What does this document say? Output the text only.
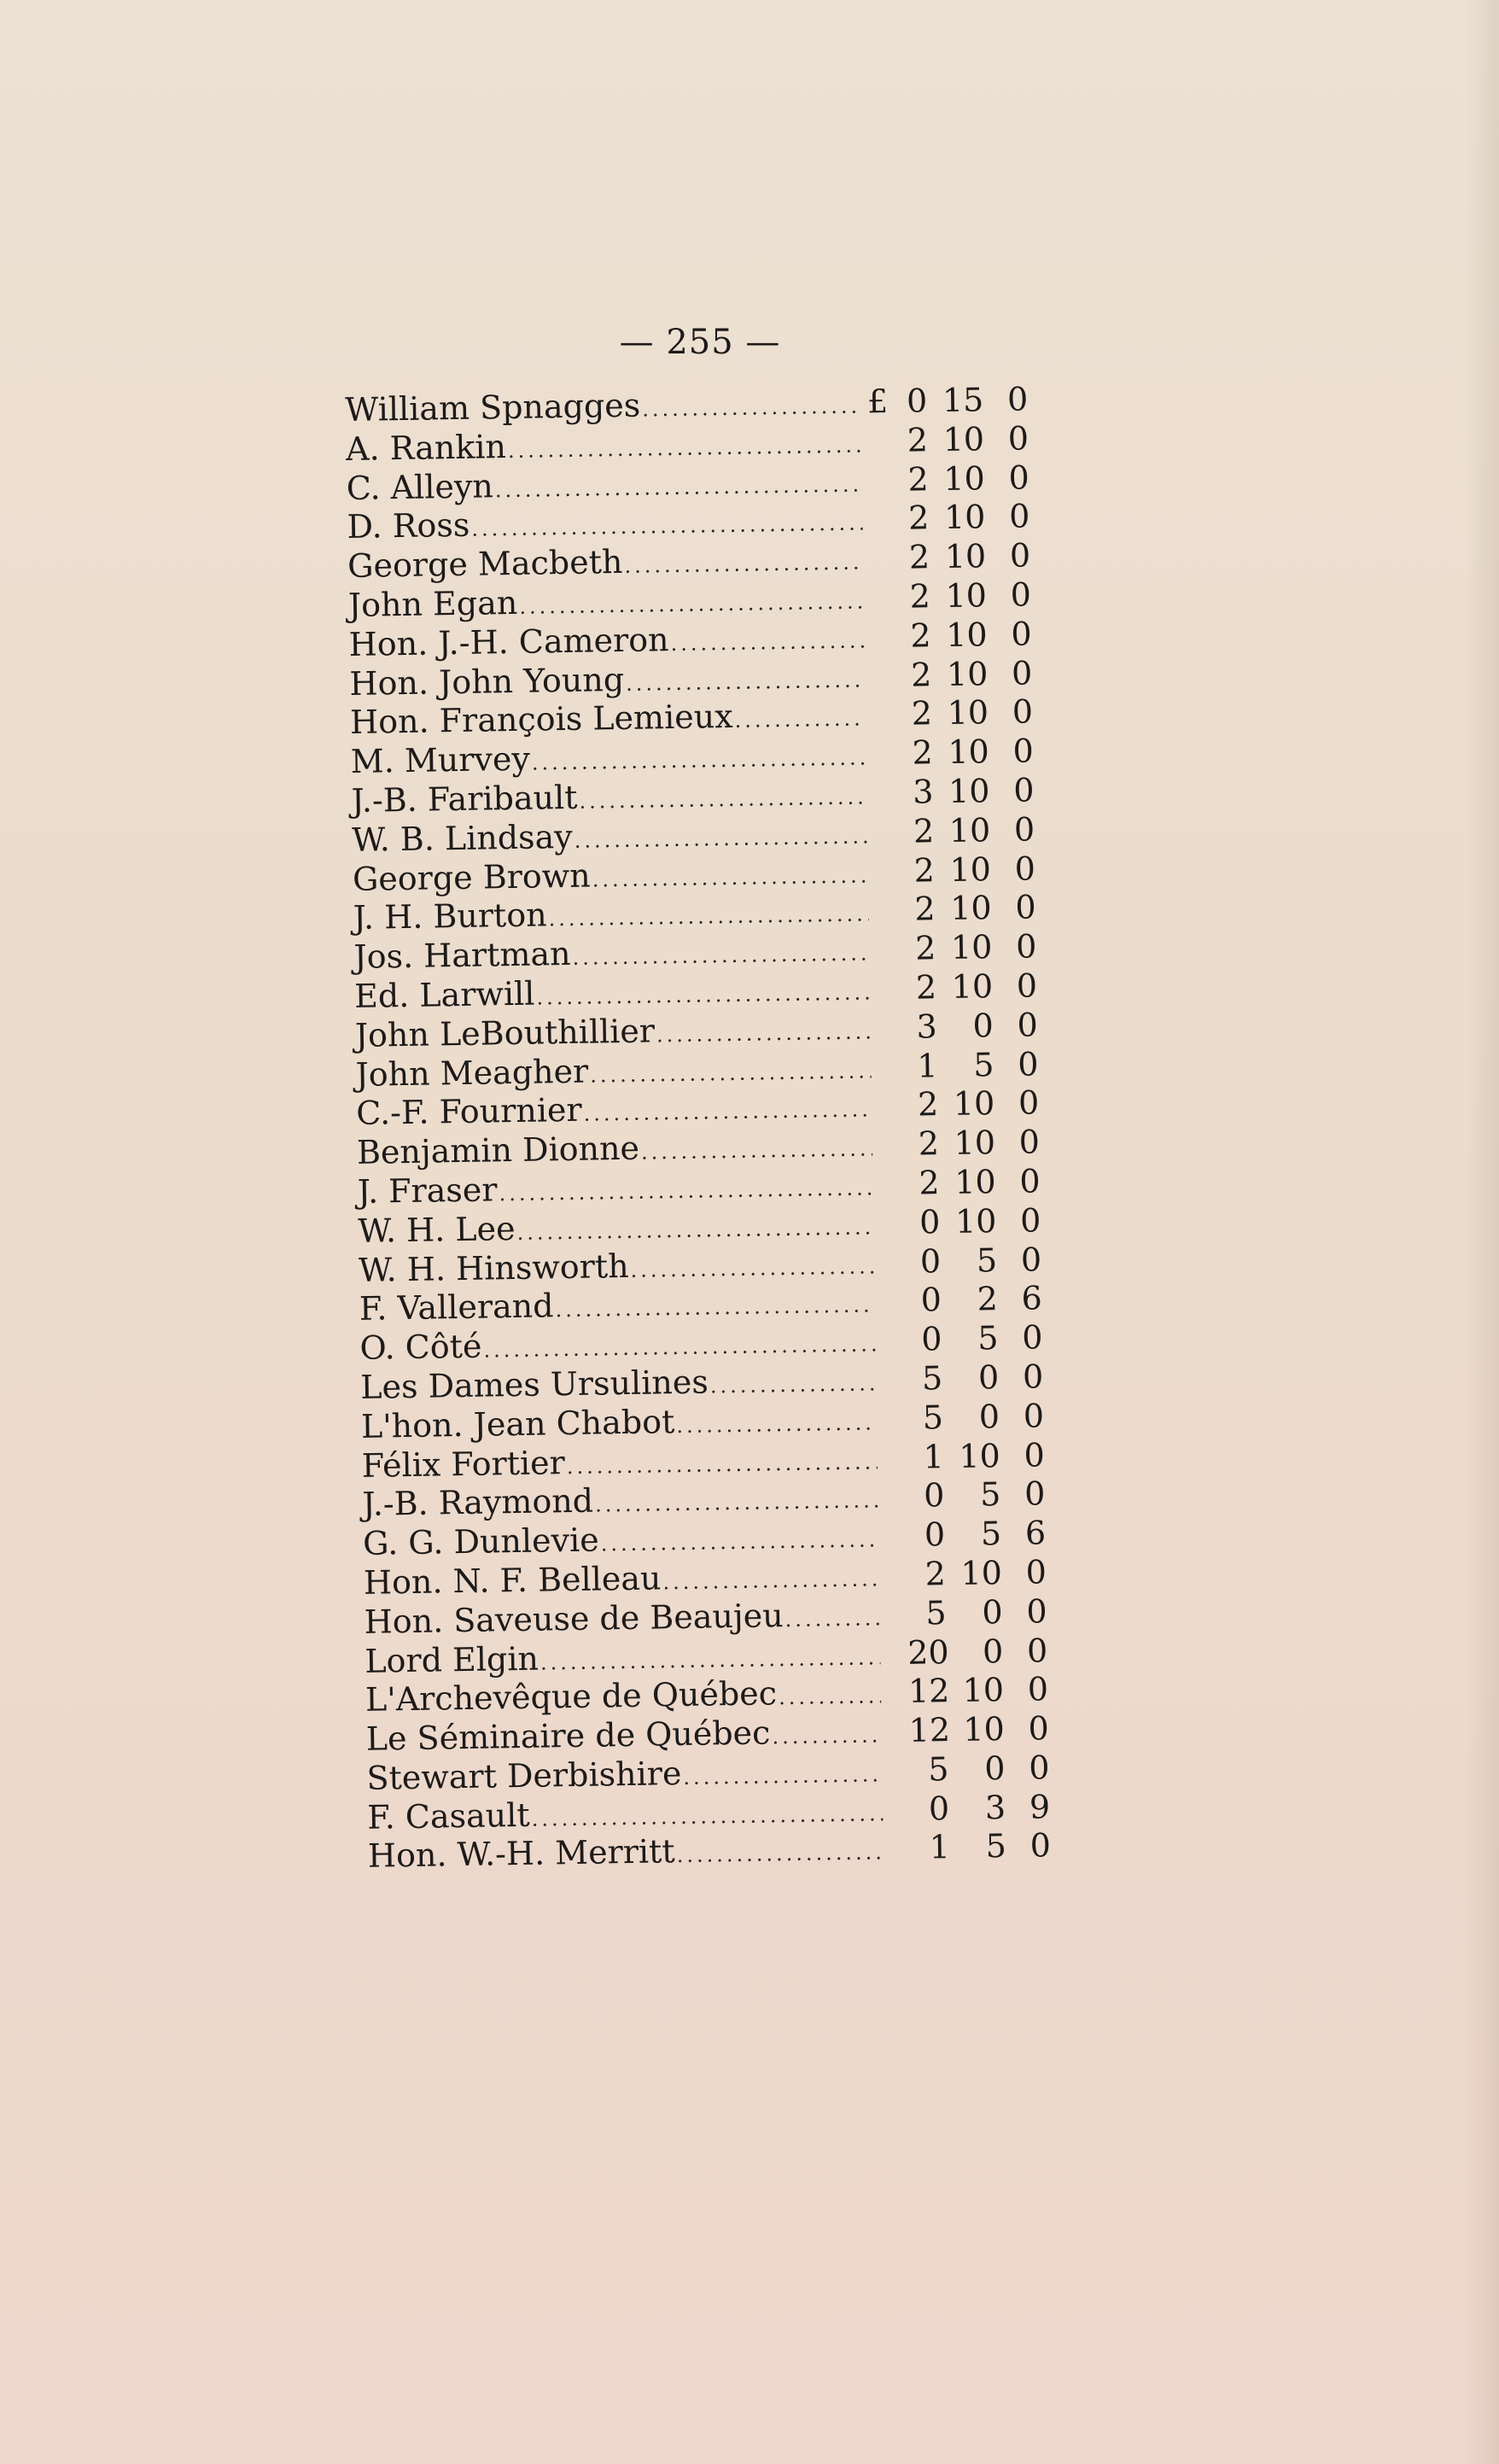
— 255 —
William Spnagges .....	£ 0 15 0
A. Rankin .....	2 10 0
C. Alleyn .....	2 10 0
D. Ross .....	2 10 0
George Macbeth .....	2 10 0
John Egan .....	2 10 0
Hon. J.-H. Cameron .....	2 10 0
Hon. John Young .....	2 10 0
Hon. François Lemieux .....	2 10 0
M. Murvey .....	2 10 0
J.-B. Faribault .....	3 10 0
W. B. Lindsay .....	2 10 0
George Brown .....	2 10 0
J. H. Burton .....	2 10 0
Jos. Hartman .....	2 10 0
Ed. Larwill .....	2 10 0
John LeBouthillier .....	3	0 0
John Meagher .....	1	5 0
C.-F. Fournier .....	2 10 0
Benjamin Dionne .....	2 10 0
J. Fraser .....	2 10 0
W. H. Lee .....	0 10 0
W. H. Hinsworth .....	0	5 0
F. Vallerand .....	0	2 6
O. Côté .....	0	5 0
Les Dames Ursulines .....	5	0 0
L'hon. Jean Chabot .....	5	0 0
Félix Fortier .....	1 10 0
J.-B. Raymond .....	0	5 0
G. G. Dunlevie .....	0	5 6
Hon. N. F. Belleau .....	2 10 0
Hon. Saveuse de Beaujeu .....	5	0 0
Lord Elgin .....	20	0 0
L'Archevêque de Québec .....	12 10 0
Le Séminaire de Québec .....	12 10 0
Stewart Derbishire .....	5	0 0
F. Casault .....	0	3 9
Hon. W.-H. Merritt .....	1	5 0
